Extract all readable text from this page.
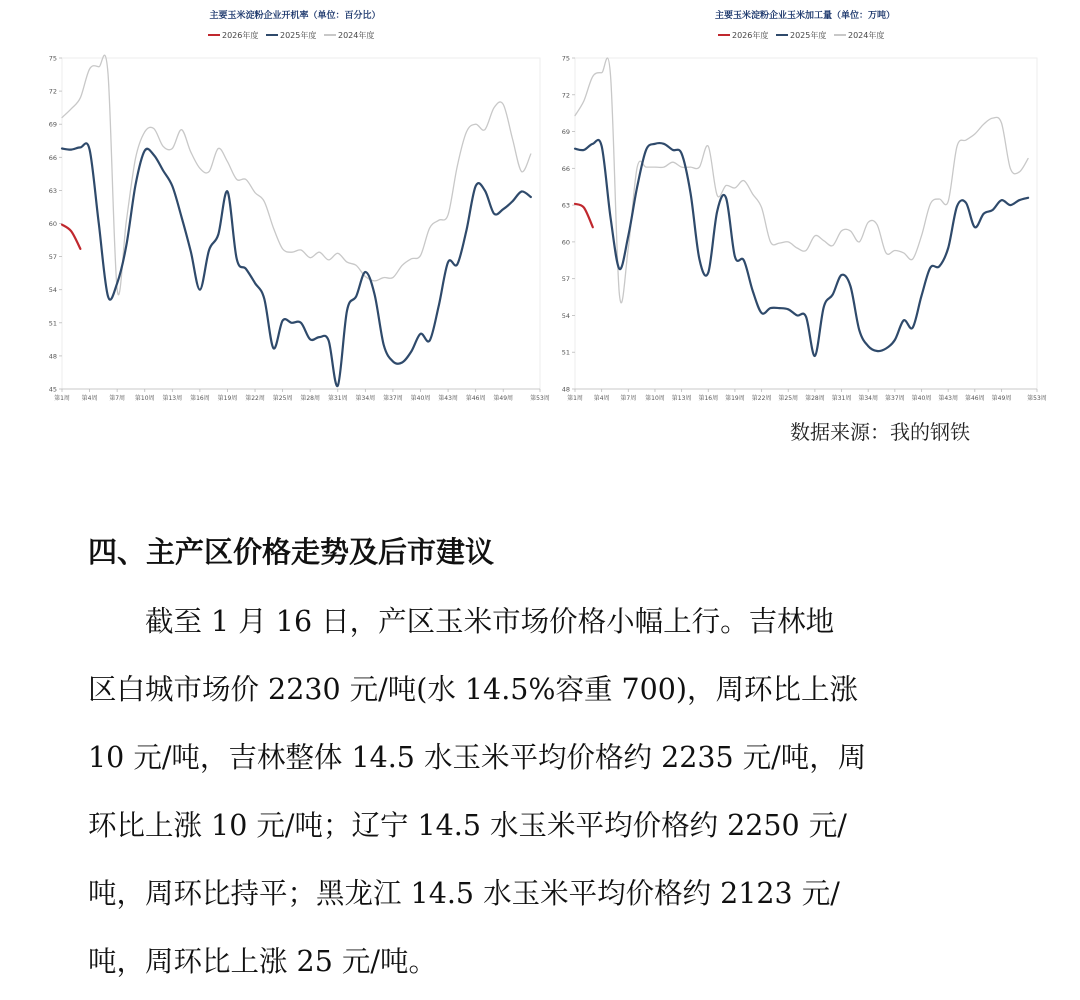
主要玉米淀粉企业开机率（单位：百分比）
2026年度	2025年度	2024年度
45
48
51
54
57
60
63
66
69
72
75
第1周 第4周 第7周 第10周 第13周 第16周 第19周 第22周 第25周 第28周 第31周 第34周 第37周 第40周 第43周 第46周 第49周	第53周
主要玉米淀粉企业玉米加工量（单位：万吨）
2026年度	2025年度	2024年度
48
51
54
57
60
63
66
69
72
75
第1周 第4周 第7周 第10周 第13周 第16周 第19周 第22周 第25周 第28周 第31周 第34周 第37周 第40周 第43周 第46周 第49周	第53周
数据来源：我的钢铁
四、主产区价格走势及后市建议
　　截至 1 月 16 日，产区玉米市场价格小幅上行。吉林地
区白城市场价 2230 元/吨(水 14.5%容重 700)，周环比上涨
10 元/吨，吉林整体 14.5 水玉米平均价格约 2235 元/吨，周
环比上涨 10 元/吨；辽宁 14.5 水玉米平均价格约 2250 元/
吨，周环比持平；黑龙江 14.5 水玉米平均价格约 2123 元/
吨，周环比上涨 25 元/吨。
